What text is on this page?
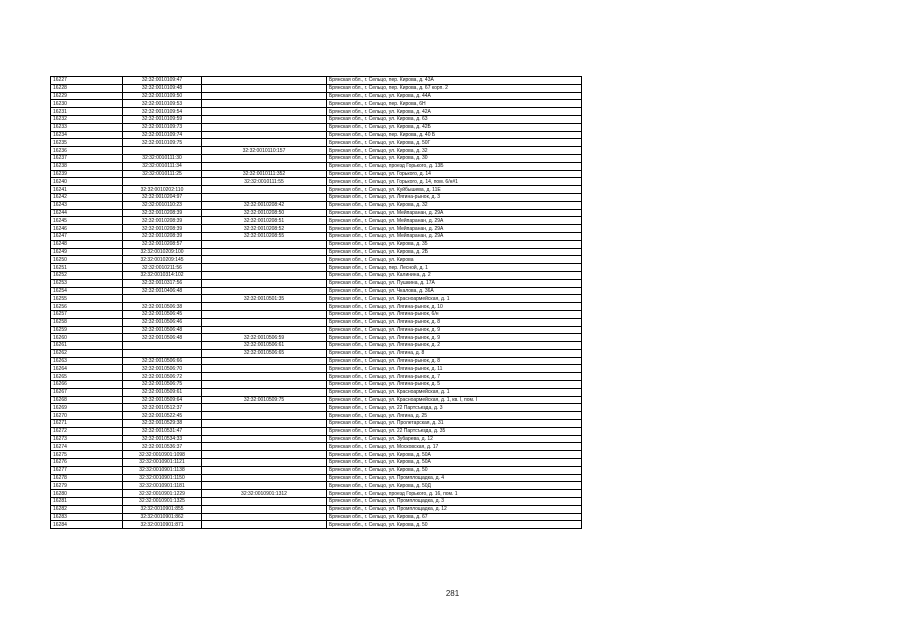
16227	32:32:0010109:47		Брянская обл., г. Сельцо, пер. Кирова, д. 43А
16228	32:32:0010109:48		Брянская обл., г. Сельцо, пер. Кирова, д. 67 корп. 2
16229	32:32:0010109:50		Брянская обл., г. Сельцо, ул. Кирова, д. 44А
16230	32:32:0010109:53		Брянская обл., г. Сельцо, пер. Кирова, 6Н
16231	32:32:0010109:54		Брянская обл., г. Сельцо, ул. Кирова, д. 42А
16232	32:32:0010109:59		Брянская обл., г. Сельцо, ул. Кирова, д. 63
16233	32:32:0010109:73		Брянская обл., г. Сельцо, ул. Кирова, д. 42Б
16234	32:32:0010109:74		Брянская обл., г. Сельцо, пер. Кирова, д. 40 Б
16235	32:32:0010109:75		Брянская обл., г. Сельцо, ул. Кирова, д. 50Г
16236		32:32:0010110:157	Брянская обл., г. Сельцо, ул. Кирова, д. 32
16237	32:32:0010111:30		Брянская обл., г. Сельцо, ул. Кирова, д. 30
16238	32:32:0010111:34		Брянская обл., г. Сельцо, проезд Горького, д. 13Б
16239	32:32:0010111:25	32:32:0010111:352	Брянская обл., г. Сельцо, ул. Горького, д. 14
16240		32:32:0010111:55	Брянская обл., г. Сельцо, ул. Горького, д. 14, пом. 6/н#1
16241	32:32:0010202:110		Брянская обл., г. Сельцо, ул. Куйбышева, д. 11Е
16242	32:32:0010204:97		Брянская обл., г. Сельцо, ул. Лягина-рынок, д. 3
16243	32:32:0010110:23	32:32:0010208:42	Брянская обл., г. Сельцо, ул. Кирова, д. 32
16244	32:32:0010208:39	32:32:0010208:50	Брянская обл., г. Сельцо, ул. Мейпаранан, д. 29А
16245	32:32:0010208:39	32:32:0010208:51	Брянская обл., г. Сельцо, ул. Мейпаранан, д. 29А
16246	32:32:0010208:39	32:32:0010208:52	Брянская обл., г. Сельцо, ул. Мейпаранан, д. 29А
16247	32:32:0010208:39	32:32:0010208:55	Брянская обл., г. Сельцо, ул. Мейпаранан, д. 29А
16248	32:32:0010208:57		Брянская обл., г. Сельцо, ул. Кирова, д. 35
16249	32:32:0010209:100		Брянская обл., г. Сельцо, ул. Кирова, д. 2Б
16250	32:32:0010209:145		Брянская обл., г. Сельцо, ул. Кирова
16251	32:32:0010211:56		Брянская обл., г. Сельцо, пер. Лесной, д. 1
16252	32:32:0010314:102		Брянская обл., г. Сельцо, ул. Калинина, д. 2
16253	32:32:0010317:56		Брянская обл., г. Сельцо, ул. Пушкина, д. 17А
16254	32:32:0010406:48		Брянская обл., г. Сельцо, ул. Чкалова, д. 36А
16255		32:32:0010501:35	Брянская обл., г. Сельцо, ул. Красноармейская, д. 1
16256	32:32:0010506:38		Брянская обл., г. Сельцо, ул. Лягина-рынок, д. 10
16257	32:32:0010506:45		Брянская обл., г. Сельцо, ул. Лягина-рынок, 6/н
16258	32:32:0010506:46		Брянская обл., г. Сельцо, ул. Лягина-рынок, д. 8
16259	32:32:0010506:48		Брянская обл., г. Сельцо, ул. Лягина-рынок, д. 9
16260	32:32:0010506:48	32:32:0010506:59	Брянская обл., г. Сельцо, ул. Лягина-рынок, д. 9
16261		32:32:0010506:61	Брянская обл., г. Сельцо, ул. Лягина-рынок, д. 2
16262		32:32:0010506:65	Брянская обл., г. Сельцо, ул. Лягина, д. 8
16263	32:32:0010506:66		Брянская обл., г. Сельцо, ул. Лягина-рынок, д. 8
16264	32:32:0010506:70		Брянская обл., г. Сельцо, ул. Лягина-рынок, д. 11
16265	32:32:0010506:72		Брянская обл., г. Сельцо, ул. Лягина-рынок, д. 7
16266	32:32:0010506:75		Брянская обл., г. Сельцо, ул. Лягина-рынок, д. 5
16267	32:32:0010509:61		Брянская обл., г. Сельцо, ул. Красноармейская, д. 1
16268	32:32:0010509:64	32:32:0010509:75	Брянская обл., г. Сельцо, ул. Красноармейская, д. 1, кв. I, пом. I
16269	32:32:0010512:37		Брянская обл., г. Сельцо, ул. 22 Партсъезда, д. 3
16270	32:32:0010522:45		Брянская обл., г. Сельцо, ул. Лягина, д. 25
16271	32:32:0010529:38		Брянская обл., г. Сельцо, ул. Пролетарская, д. 31
16272	32:32:0010531:47		Брянская обл., г. Сельцо, ул. 22 Партсъезда, д. 35
16273	32:32:0010534:33		Брянская обл., г. Сельцо, ул. Зубарева, д. 12
16274	32:32:0010536:37		Брянская обл., г. Сельцо, ул. Московская, д. 17
16275	32:32:0010901:1098		Брянская обл., г. Сельцо, ул. Кирова, д. 50А
16276	32:32:0010901:1121		Брянская обл., г. Сельцо, ул. Кирова, д. 50А
16277	32:32:0010901:1138		Брянская обл., г. Сельцо, ул. Кирова, д. 50
16278	32:32:0010901:1150		Брянская обл., г. Сельцо, ул. Промплощадка, д. 4
16279	32:32:0010901:1181		Брянская обл., г. Сельцо, ул. Кирова, д. 50Д
16280	32:32:0010901:1229	32:32:0010901:1312	Брянская обл., г. Сельцо, проезд Горького, д. 16, пом. 1
16281	32:32:0010901:1325		Брянская обл., г. Сельцо, ул. Промплощадка, д. 3
16282	32:32:0010901:855		Брянская обл., г. Сельцо, ул. Промплощадка, д. 12
16283	32:32:0010901:862		Брянская обл., г. Сельцо, ул. Кирова, д. 67
16284	32:32:0010901:871		Брянская обл., г. Сельцо, ул. Кирова, д. 50
281
